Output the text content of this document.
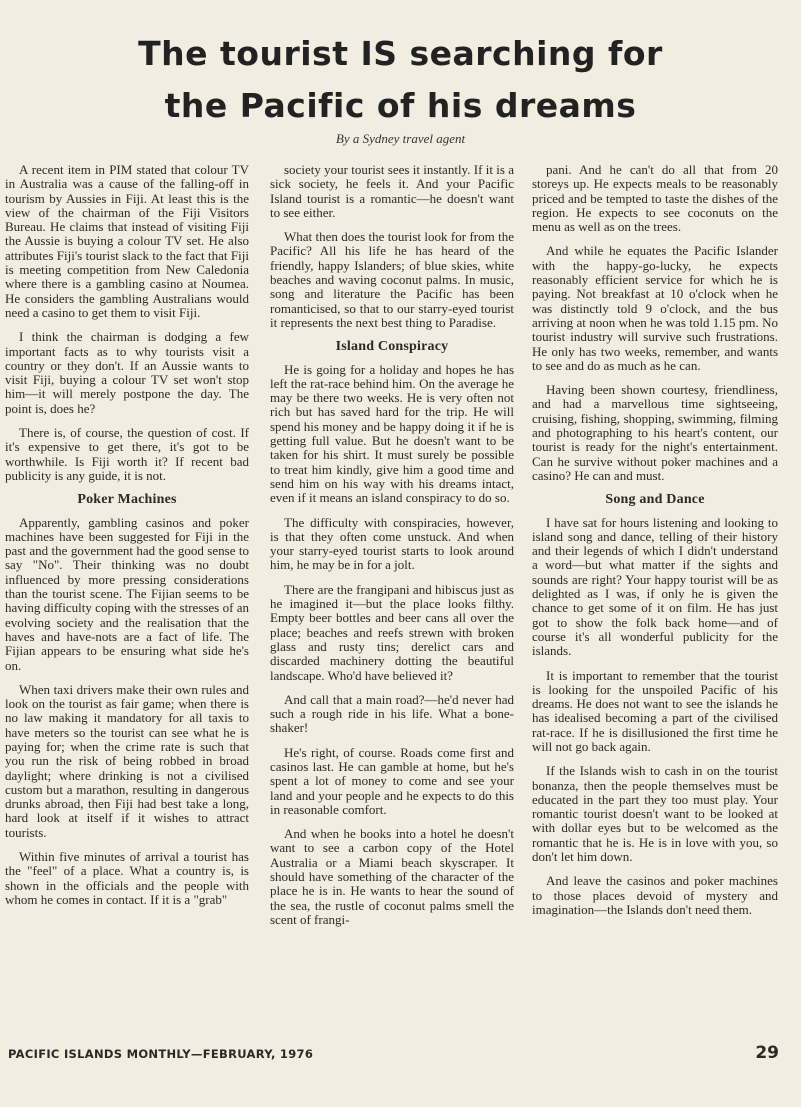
The tourist IS searching for
the Pacific of his dreams
By a Sydney travel agent

A recent item in PIM stated that colour TV in Australia was a cause of the falling-off in tourism by Aussies in Fiji. At least this is the view of the chairman of the Fiji Visitors Bureau. He claims that instead of visiting Fiji the Aussie is buying a colour TV set. He also attributes Fiji's tourist slack to the fact that Fiji is meeting competition from New Caledonia where there is a gambling casino at Noumea. He considers the gambling Australians would need a casino to get them to visit Fiji.

I think the chairman is dodging a few important facts as to why tourists visit a country or they don't. If an Aussie wants to visit Fiji, buying a colour TV set won't stop him—it will merely postpone the day. The point is, does he?

There is, of course, the question of cost. If it's expensive to get there, it's got to be worthwhile. Is Fiji worth it? If recent bad publicity is any guide, it is not.

Poker Machines

Apparently, gambling casinos and poker machines have been suggested for Fiji in the past and the government had the good sense to say "No". Their thinking was no doubt influenced by more pressing considerations than the tourist scene. The Fijian seems to be having difficulty coping with the stresses of an evolving society and the realisation that the haves and have-nots are a fact of life. The Fijian appears to be ensuring what side he's on.

When taxi drivers make their own rules and look on the tourist as fair game; when there is no law making it mandatory for all taxis to have meters so the tourist can see what he is paying for; when the crime rate is such that you run the risk of being robbed in broad daylight; where drinking is not a civilised custom but a marathon, resulting in dangerous drunks abroad, then Fiji had best take a long, hard look at itself if it wishes to attract tourists.

Within five minutes of arrival a tourist has the "feel" of a place. What a country is, is shown in the officials and the people with whom he comes in contact. If it is a "grab"

society your tourist sees it instantly. If it is a sick society, he feels it. And your Pacific Island tourist is a romantic—he doesn't want to see either.

What then does the tourist look for from the Pacific? All his life he has heard of the friendly, happy Islanders; of blue skies, white beaches and waving coconut palms. In music, song and literature the Pacific has been romanticised, so that to our starry-eyed tourist it represents the next best thing to Paradise.

Island Conspiracy

He is going for a holiday and hopes he has left the rat-race behind him. On the average he may be there two weeks. He is very often not rich but has saved hard for the trip. He will spend his money and be happy doing it if he is getting full value. But he doesn't want to be taken for his shirt. It must surely be possible to treat him kindly, give him a good time and send him on his way with his dreams intact, even if it means an island conspiracy to do so.

The difficulty with conspiracies, however, is that they often come unstuck. And when your starry-eyed tourist starts to look around him, he may be in for a jolt.

There are the frangipani and hibiscus just as he imagined it—but the place looks filthy. Empty beer bottles and beer cans all over the place; beaches and reefs strewn with broken glass and rusty tins; derelict cars and discarded machinery dotting the beautiful landscape. Who'd have believed it?

And call that a main road?—he'd never had such a rough ride in his life. What a bone-shaker!

He's right, of course. Roads come first and casinos last. He can gamble at home, but he's spent a lot of money to come and see your land and your people and he expects to do this in reasonable comfort.

And when he books into a hotel he doesn't want to see a carbon copy of the Hotel Australia or a Miami beach skyscraper. It should have something of the character of the place he is in. He wants to hear the sound of the sea, the rustle of coconut palms smell the scent of frangi-

pani. And he can't do all that from 20 storeys up. He expects meals to be reasonably priced and be tempted to taste the dishes of the region. He expects to see coconuts on the menu as well as on the trees.

And while he equates the Pacific Islander with the happy-go-lucky, he expects reasonably efficient service for which he is paying. Not breakfast at 10 o'clock when he was distinctly told 9 o'clock, and the bus arriving at noon when he was told 1.15 pm. No tourist industry will survive such frustrations. He only has two weeks, remember, and wants to see and do as much as he can.

Having been shown courtesy, friendliness, and had a marvellous time sightseeing, cruising, fishing, shopping, swimming, filming and photographing to his heart's content, our tourist is ready for the night's entertainment. Can he survive without poker machines and a casino? He can and must.

Song and Dance

I have sat for hours listening and looking to island song and dance, telling of their history and their legends of which I didn't understand a word—but what matter if the sights and sounds are right? Your happy tourist will be as delighted as I was, if only he is given the chance to get some of it on film. He has just got to show the folk back home—and of course it's all wonderful publicity for the islands.

It is important to remember that the tourist is looking for the unspoiled Pacific of his dreams. He does not want to see the islands he has idealised becoming a part of the civilised rat-race. If he is disillusioned the first time he will not go back again.

If the Islands wish to cash in on the tourist bonanza, then the people themselves must be educated in the part they too must play. Your romantic tourist doesn't want to be looked at with dollar eyes but to be welcomed as the romantic that he is. He is in love with you, so don't let him down.

And leave the casinos and poker machines to those places devoid of mystery and imagination—the Islands don't need them.

PACIFIC ISLANDS MONTHLY—FEBRUARY, 1976	29
